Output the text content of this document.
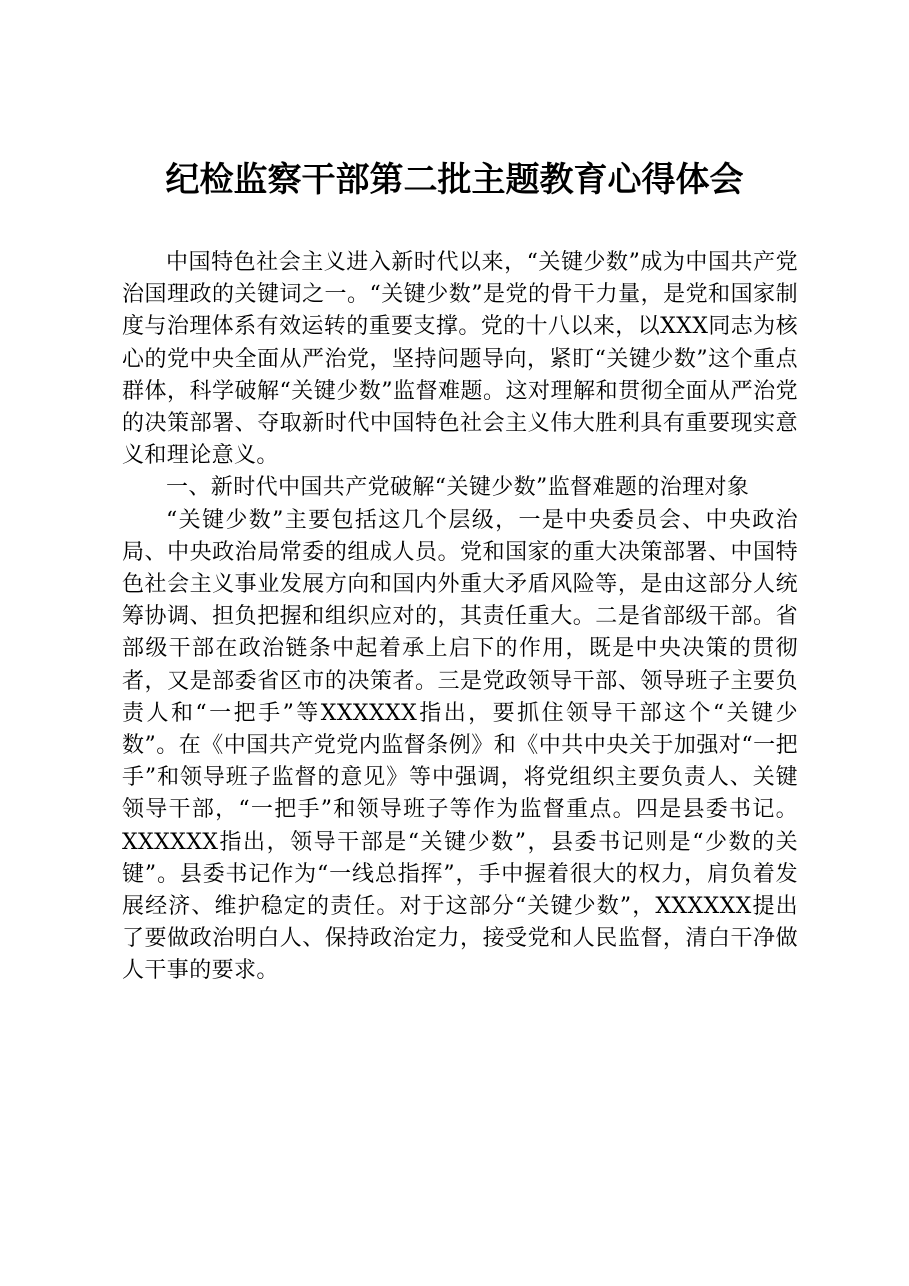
纪检监察干部第二批主题教育心得体会

中国特色社会主义进入新时代以来，“关键少数”成为中国共产党治国理政的关键词之一。“关键少数”是党的骨干力量，是党和国家制度与治理体系有效运转的重要支撑。党的十八以来，以XXX同志为核心的党中央全面从严治党，坚持问题导向，紧盯“关键少数”这个重点群体，科学破解“关键少数”监督难题。这对理解和贯彻全面从严治党的决策部署、夺取新时代中国特色社会主义伟大胜利具有重要现实意义和理论意义。

一、新时代中国共产党破解“关键少数”监督难题的治理对象

“关键少数”主要包括这几个层级，一是中央委员会、中央政治局、中央政治局常委的组成人员。党和国家的重大决策部署、中国特色社会主义事业发展方向和国内外重大矛盾风险等，是由这部分人统筹协调、担负把握和组织应对的，其责任重大。二是省部级干部。省部级干部在政治链条中起着承上启下的作用，既是中央决策的贯彻者，又是部委省区市的决策者。三是党政领导干部、领导班子主要负责人和“一把手”等XXXXXX指出，要抓住领导干部这个“关键少数”。在《中国共产党党内监督条例》和《中共中央关于加强对“一把手”和领导班子监督的意见》等中强调，将党组织主要负责人、关键领导干部，“一把手”和领导班子等作为监督重点。四是县委书记。XXXXXX指出，领导干部是“关键少数”，县委书记则是“少数的关键”。县委书记作为“一线总指挥”，手中握着很大的权力，肩负着发展经济、维护稳定的责任。对于这部分“关键少数”，XXXXXX提出了要做政治明白人、保持政治定力，接受党和人民监督，清白干净做人干事的要求。
